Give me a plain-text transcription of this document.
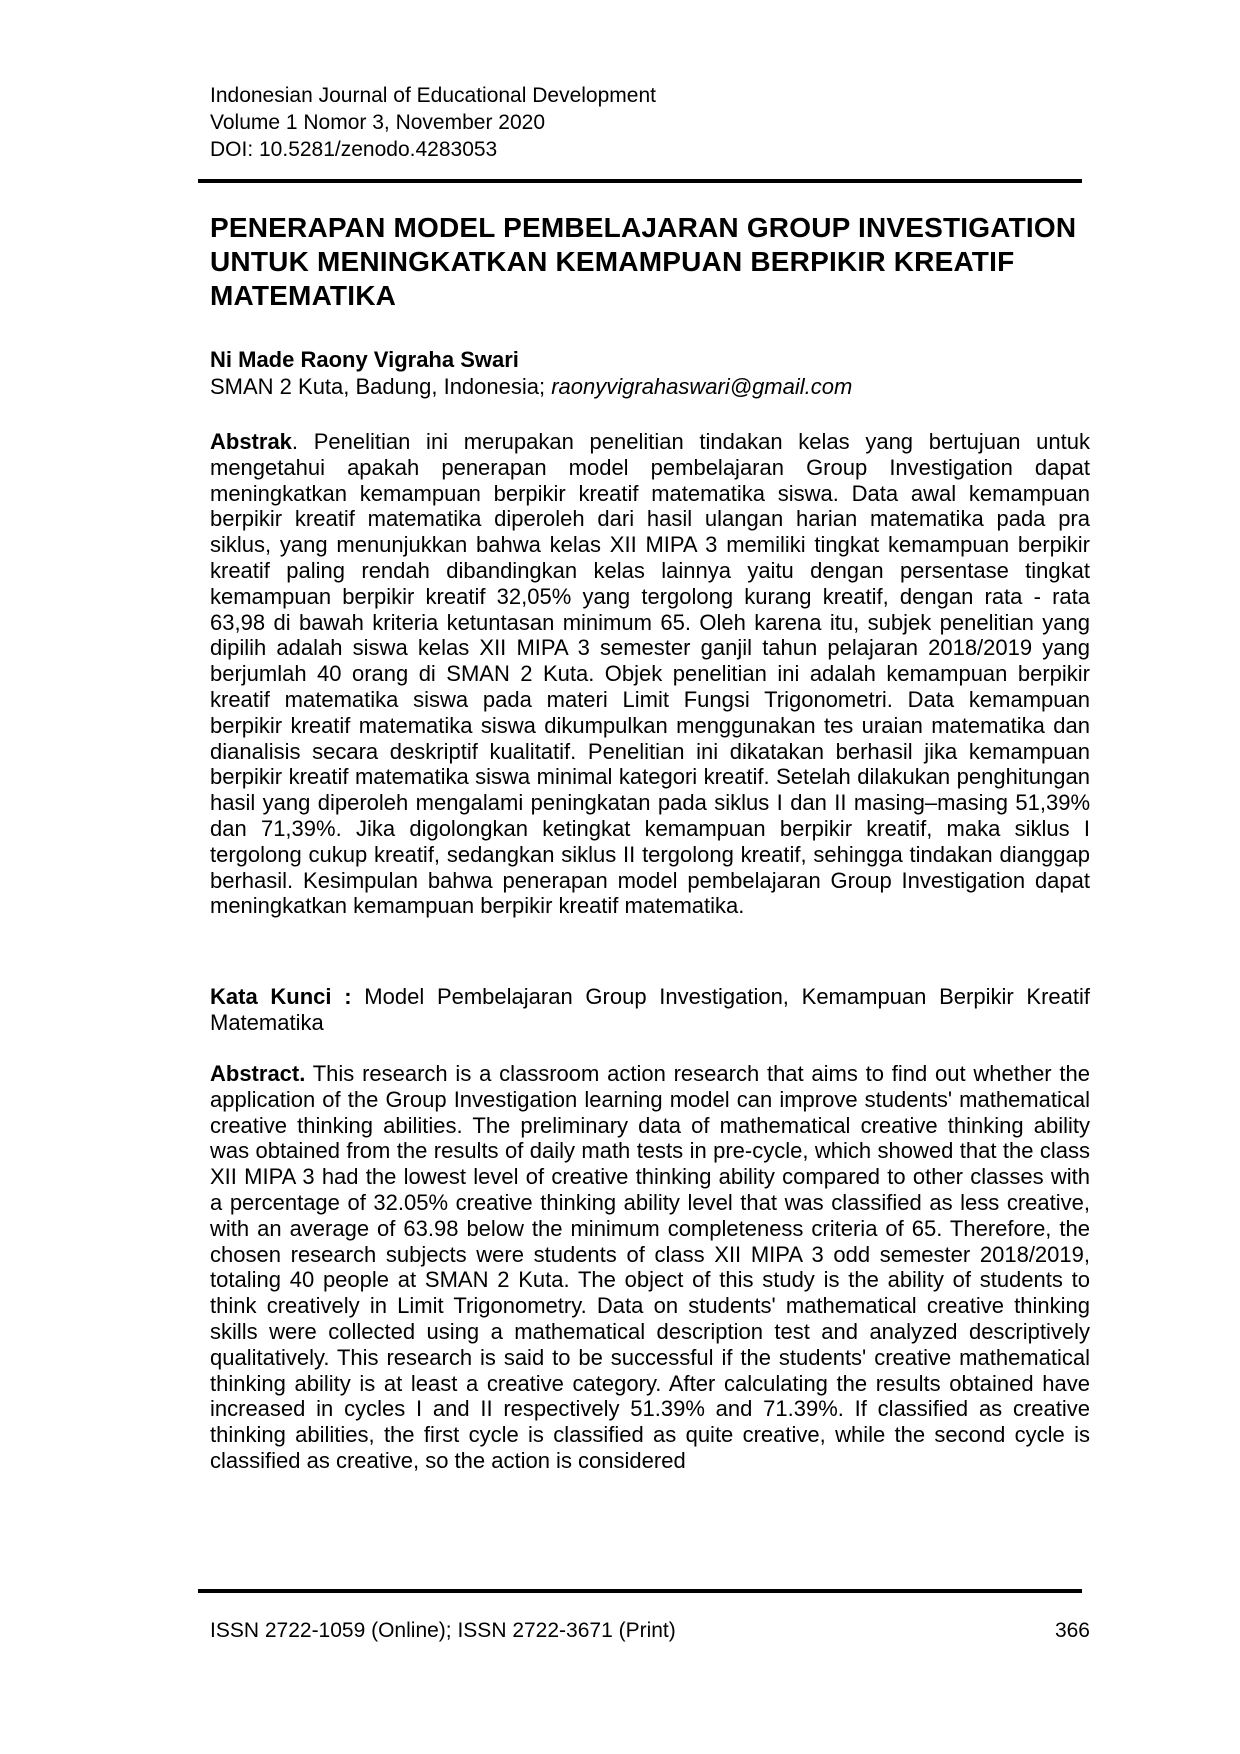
Indonesian Journal of Educational Development
Volume 1 Nomor 3, November 2020
DOI: 10.5281/zenodo.4283053
PENERAPAN MODEL PEMBELAJARAN GROUP INVESTIGATION UNTUK MENINGKATKAN KEMAMPUAN BERPIKIR KREATIF MATEMATIKA
Ni Made Raony Vigraha Swari
SMAN 2 Kuta, Badung, Indonesia; raonyvigrahaswari@gmail.com

Abstrak. Penelitian ini merupakan penelitian tindakan kelas yang bertujuan untuk mengetahui apakah penerapan model pembelajaran Group Investigation dapat meningkatkan kemampuan berpikir kreatif matematika siswa. Data awal kemampuan berpikir kreatif matematika diperoleh dari hasil ulangan harian matematika pada pra siklus, yang menunjukkan bahwa kelas XII MIPA 3 memiliki tingkat kemampuan berpikir kreatif paling rendah dibandingkan kelas lainnya yaitu dengan persentase tingkat kemampuan berpikir kreatif 32,05% yang tergolong kurang kreatif, dengan rata - rata 63,98 di bawah kriteria ketuntasan minimum 65. Oleh karena itu, subjek penelitian yang dipilih adalah siswa kelas XII MIPA 3 semester ganjil tahun pelajaran 2018/2019 yang berjumlah 40 orang di SMAN 2 Kuta. Objek penelitian ini adalah kemampuan berpikir kreatif matematika siswa pada materi Limit Fungsi Trigonometri. Data kemampuan berpikir kreatif matematika siswa dikumpulkan menggunakan tes uraian matematika dan dianalisis secara deskriptif kualitatif. Penelitian ini dikatakan berhasil jika kemampuan berpikir kreatif matematika siswa minimal kategori kreatif. Setelah dilakukan penghitungan hasil yang diperoleh mengalami peningkatan pada siklus I dan II masing–masing 51,39% dan 71,39%. Jika digolongkan ketingkat kemampuan berpikir kreatif, maka siklus I tergolong cukup kreatif, sedangkan siklus II tergolong kreatif, sehingga tindakan dianggap berhasil. Kesimpulan bahwa penerapan model pembelajaran Group Investigation dapat meningkatkan kemampuan berpikir kreatif matematika.

Kata Kunci : Model Pembelajaran Group Investigation, Kemampuan Berpikir Kreatif Matematika

Abstract. This research is a classroom action research that aims to find out whether the application of the Group Investigation learning model can improve students' mathematical creative thinking abilities. The preliminary data of mathematical creative thinking ability was obtained from the results of daily math tests in pre-cycle, which showed that the class XII MIPA 3 had the lowest level of creative thinking ability compared to other classes with a percentage of 32.05% creative thinking ability level that was classified as less creative, with an average of 63.98 below the minimum completeness criteria of 65. Therefore, the chosen research subjects were students of class XII MIPA 3 odd semester 2018/2019, totaling 40 people at SMAN 2 Kuta. The object of this study is the ability of students to think creatively in Limit Trigonometry. Data on students' mathematical creative thinking skills were collected using a mathematical description test and analyzed descriptively qualitatively. This research is said to be successful if the students' creative mathematical thinking ability is at least a creative category. After calculating the results obtained have increased in cycles I and II respectively 51.39% and 71.39%. If classified as creative thinking abilities, the first cycle is classified as quite creative, while the second cycle is classified as creative, so the action is considered

ISSN 2722-1059 (Online); ISSN 2722-3671 (Print)	366
